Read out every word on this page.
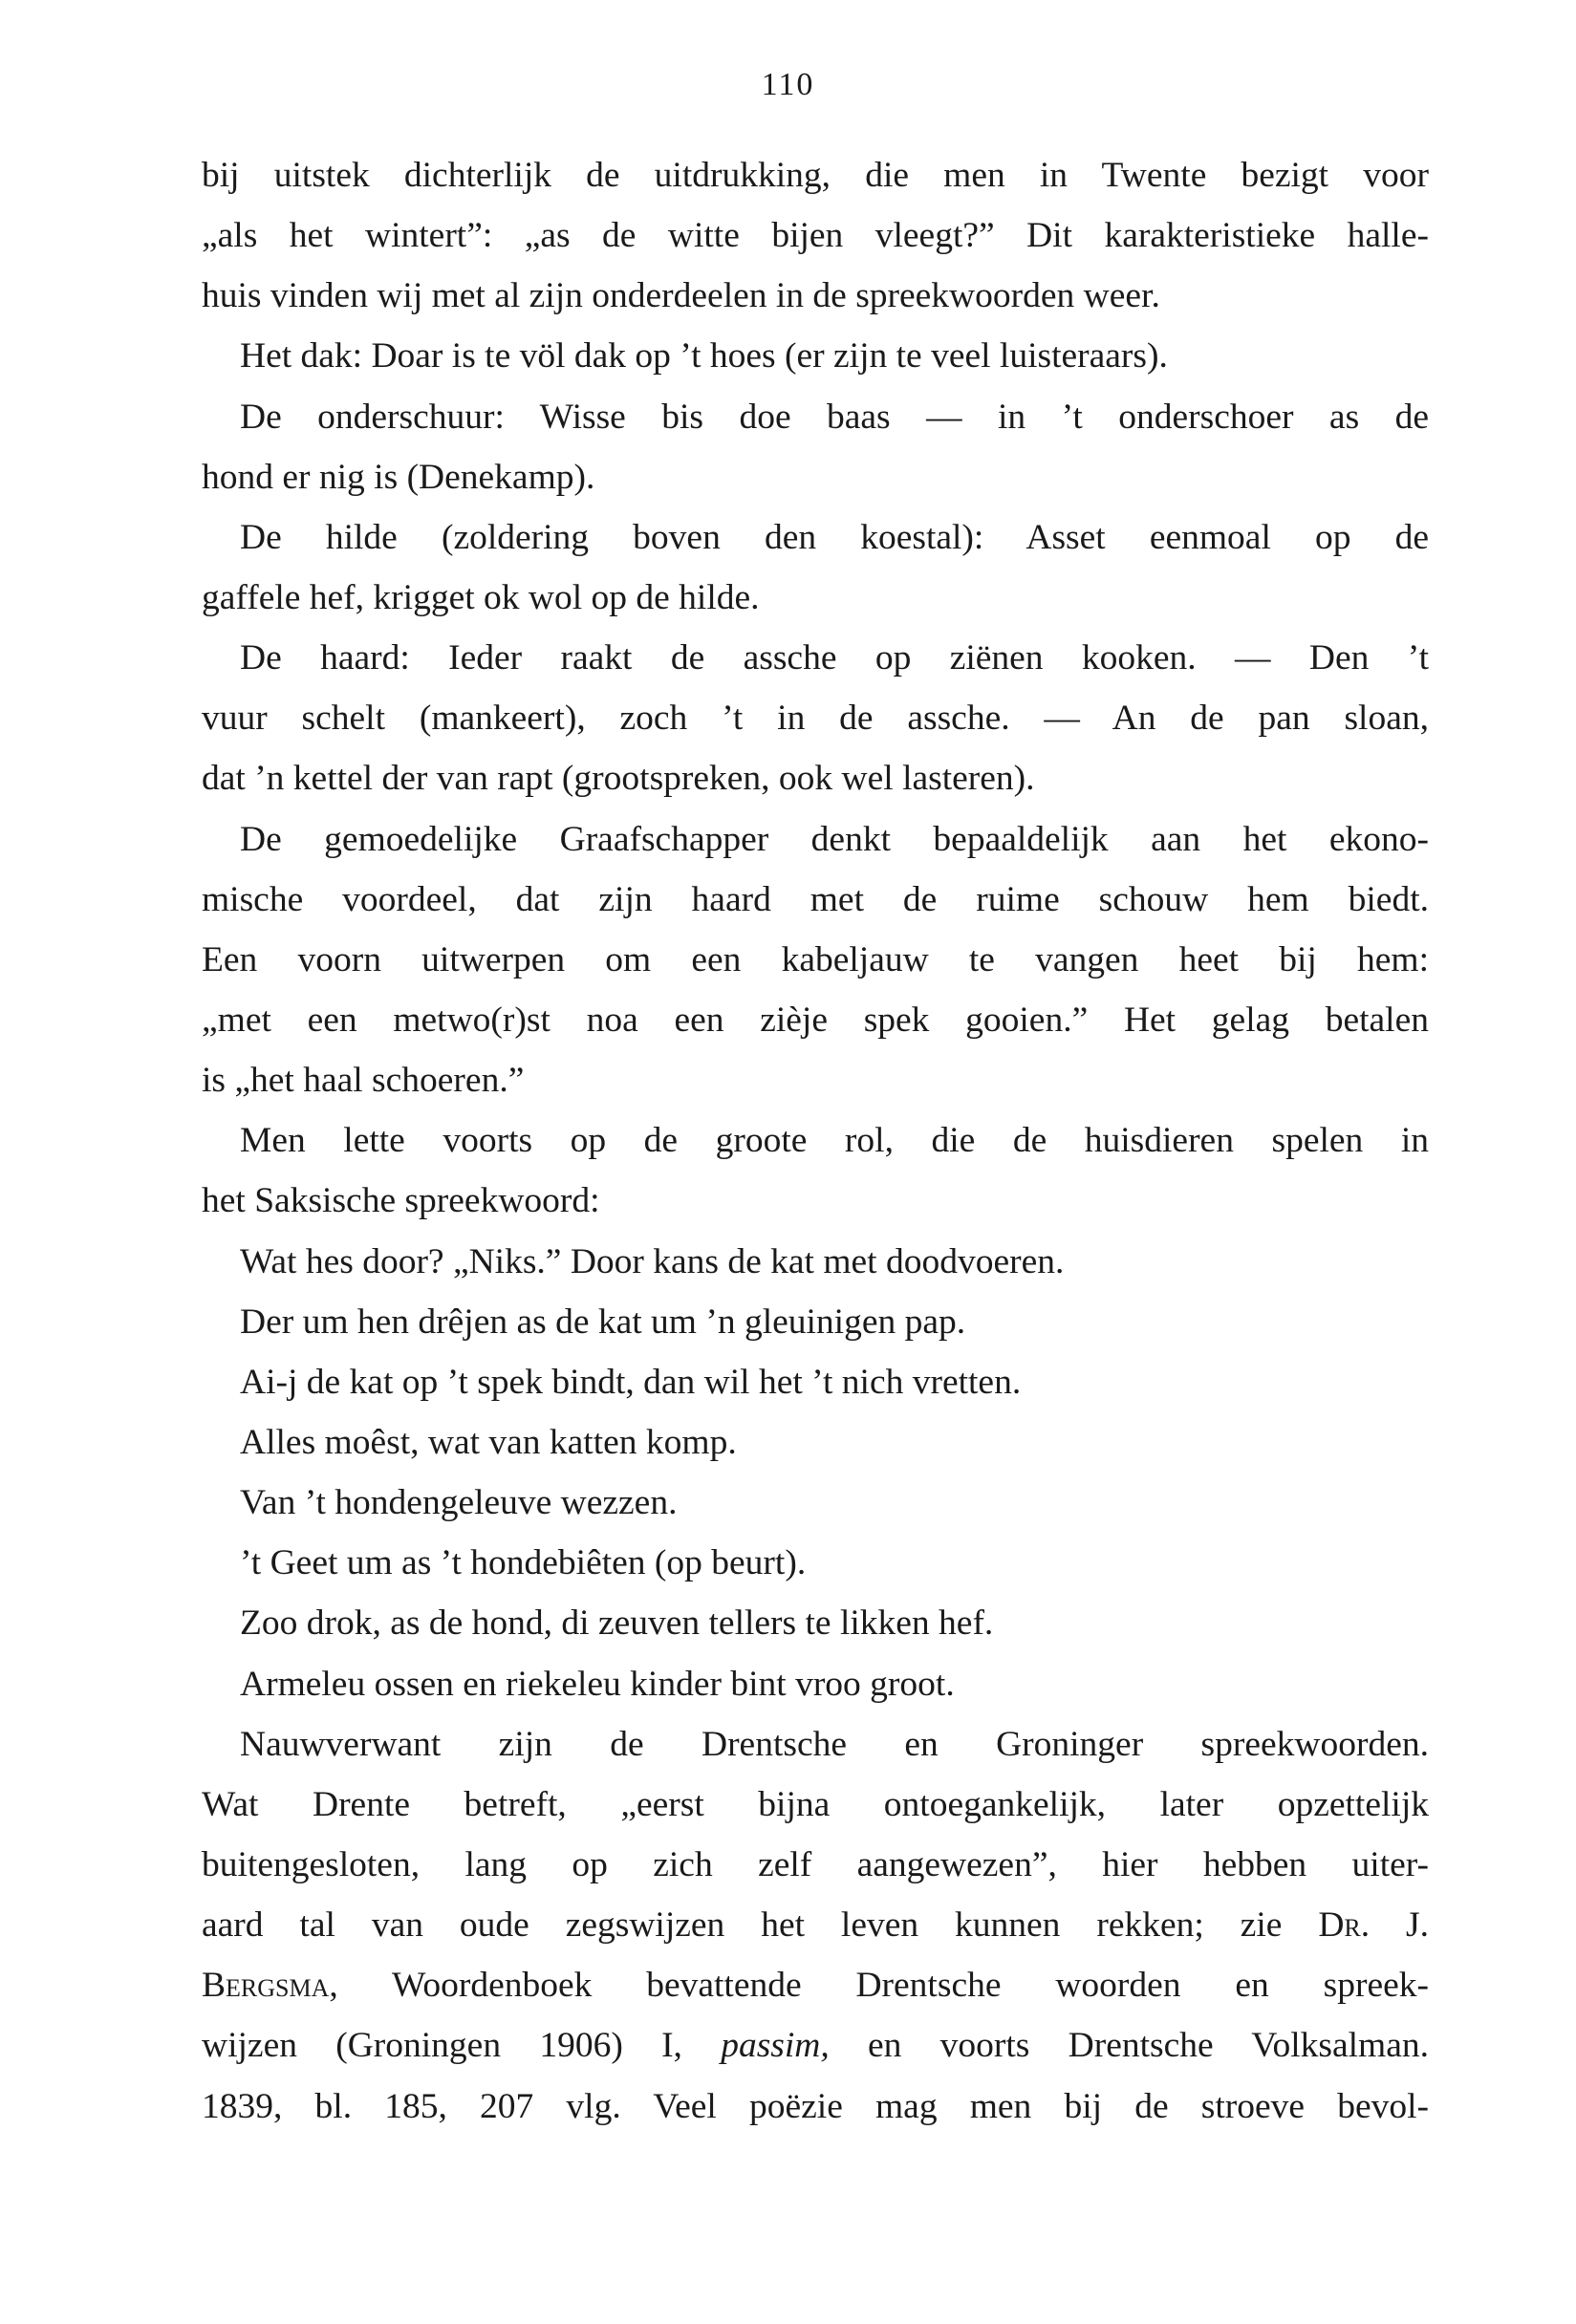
110
bij uitstek dichterlijk de uitdrukking, die men in Twente bezigt voor
„als het wintert”: „as de witte bijen vleegt?” Dit karakteristieke halle-
huis vinden wij met al zijn onderdeelen in de spreekwoorden weer.
Het dak: Doar is te völ dak op ’t hoes (er zijn te veel luisteraars).
De onderschuur: Wisse bis doe baas — in ’t onderschoer as de
hond er nig is (Denekamp).
De hilde (zoldering boven den koestal): Asset eenmoal op de
gaffele hef, krigget ok wol op de hilde.
De haard: Ieder raakt de assche op ziënen kooken. — Den ’t
vuur schelt (mankeert), zoch ’t in de assche. — An de pan sloan,
dat ’n kettel der van rapt (grootspreken, ook wel lasteren).
De gemoedelijke Graafschapper denkt bepaaldelijk aan het ekono-
mische voordeel, dat zijn haard met de ruime schouw hem biedt.
Een voorn uitwerpen om een kabeljauw te vangen heet bij hem:
„met een metwo(r)st noa een zièje spek gooien.” Het gelag betalen
is „het haal schoeren.”
Men lette voorts op de groote rol, die de huisdieren spelen in
het Saksische spreekwoord:
Wat hes door? „Niks.” Door kans de kat met doodvoeren.
Der um hen drêjen as de kat um ’n gleuinigen pap.
Ai-j de kat op ’t spek bindt, dan wil het ’t nich vretten.
Alles moêst, wat van katten komp.
Van ’t hondengeleuve wezzen.
’t Geet um as ’t hondebiêten (op beurt).
Zoo drok, as de hond, di zeuven tellers te likken hef.
Armeleu ossen en riekeleu kinder bint vroo groot.
Nauwverwant zijn de Drentsche en Groninger spreekwoorden.
Wat Drente betreft, „eerst bijna ontoegankelijk, later opzettelijk
buitengesloten, lang op zich zelf aangewezen”, hier hebben uiter-
aard tal van oude zegswijzen het leven kunnen rekken; zie Dr. J.
Bergsma, Woordenboek bevattende Drentsche woorden en spreek-
wijzen (Groningen 1906) I, passim, en voorts Drentsche Volksalman.
1839, bl. 185, 207 vlg. Veel poëzie mag men bij de stroeve bevol-
